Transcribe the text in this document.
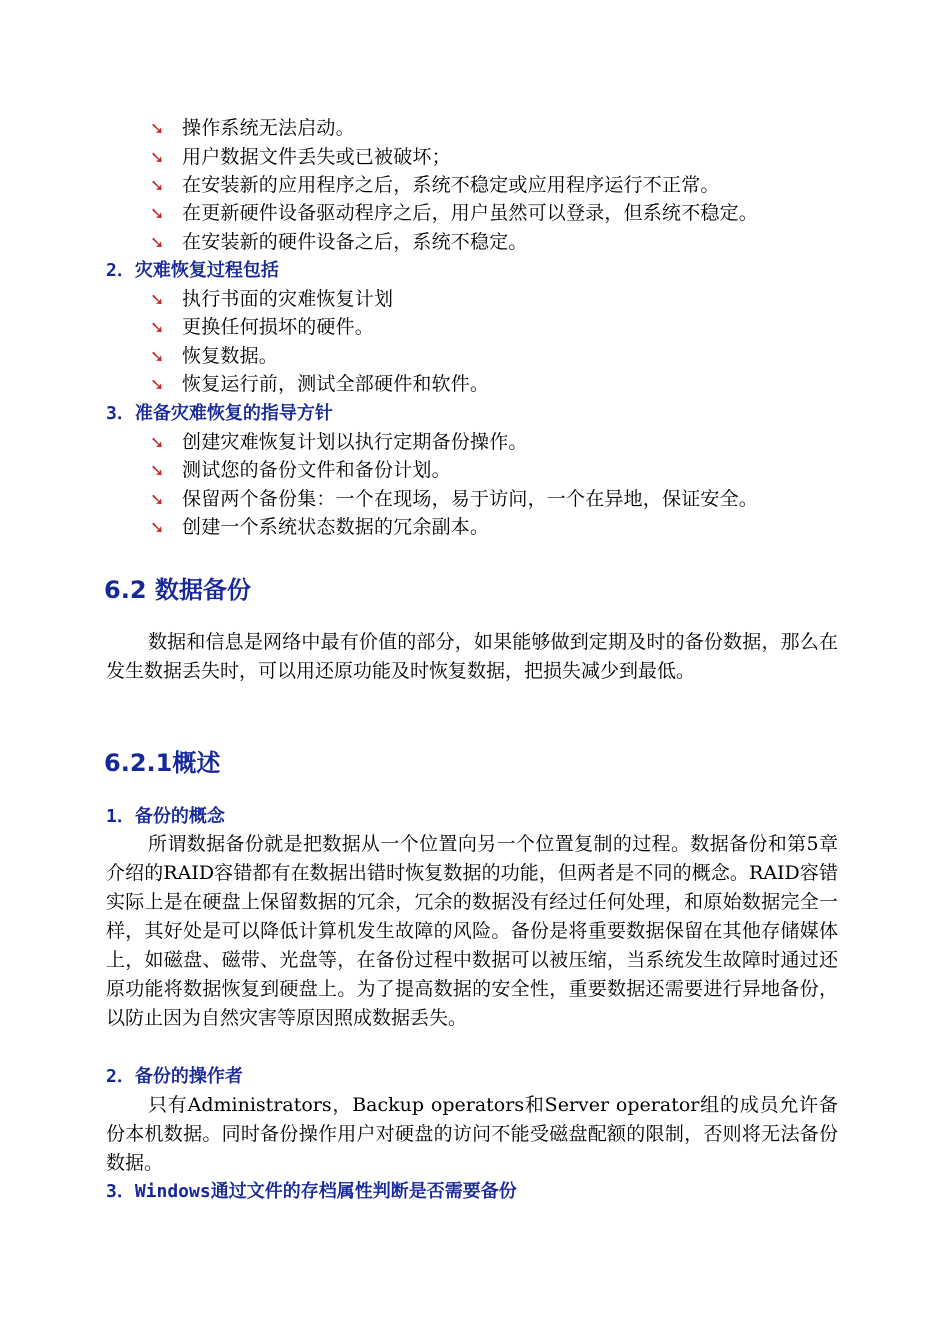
➘ 操作系统无法启动。
➘ 用户数据文件丢失或已被破坏；
➘ 在安装新的应用程序之后，系统不稳定或应用程序运行不正常。
➘ 在更新硬件设备驱动程序之后，用户虽然可以登录，但系统不稳定。
➘ 在安装新的硬件设备之后，系统不稳定。
2．灾难恢复过程包括
➘ 执行书面的灾难恢复计划
➘ 更换任何损坏的硬件。
➘ 恢复数据。
➘ 恢复运行前，测试全部硬件和软件。
3．准备灾难恢复的指导方针
➘ 创建灾难恢复计划以执行定期备份操作。
➘ 测试您的备份文件和备份计划。
➘ 保留两个备份集：一个在现场，易于访问，一个在异地，保证安全。
➘ 创建一个系统状态数据的冗余副本。
6.2 数据备份
数据和信息是网络中最有价值的部分，如果能够做到定期及时的备份数据，那么在发生数据丢失时，可以用还原功能及时恢复数据，把损失减少到最低。
6.2.1概述
1．备份的概念
所谓数据备份就是把数据从一个位置向另一个位置复制的过程。数据备份和第5章介绍的RAID容错都有在数据出错时恢复数据的功能，但两者是不同的概念。RAID容错实际上是在硬盘上保留数据的冗余，冗余的数据没有经过任何处理，和原始数据完全一样，其好处是可以降低计算机发生故障的风险。备份是将重要数据保留在其他存储媒体上，如磁盘、磁带、光盘等，在备份过程中数据可以被压缩，当系统发生故障时通过还原功能将数据恢复到硬盘上。为了提高数据的安全性，重要数据还需要进行异地备份，以防止因为自然灾害等原因照成数据丢失。
2．备份的操作者
只有Administrators，Backup operators和Server operator组的成员允许备份本机数据。同时备份操作用户对硬盘的访问不能受磁盘配额的限制，否则将无法备份数据。
3．Windows通过文件的存档属性判断是否需要备份
